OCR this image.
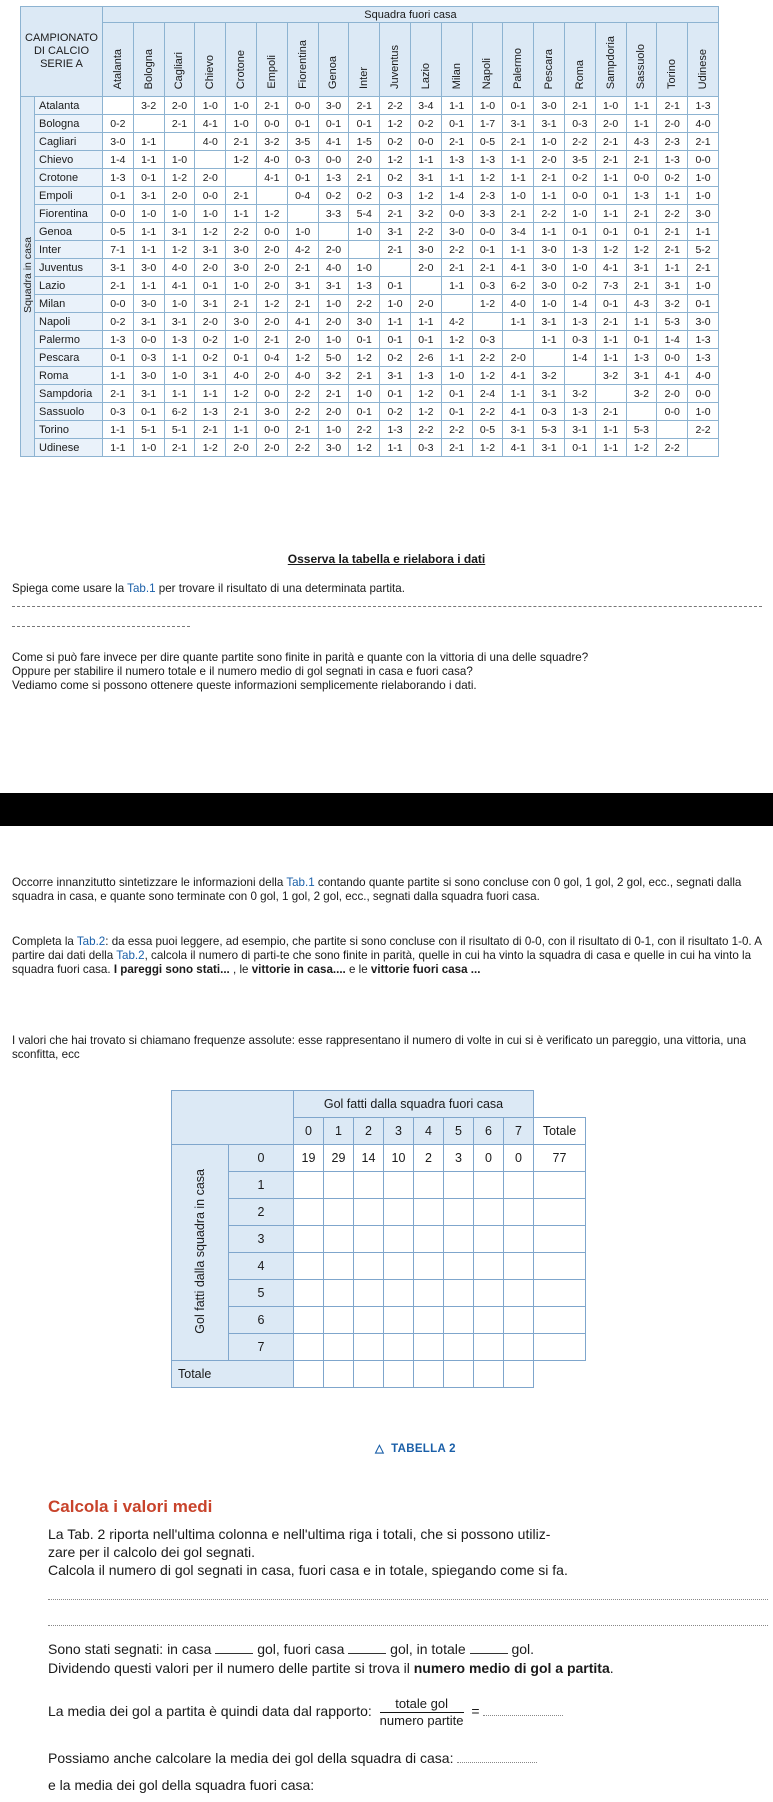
CAMPIONATO
DI CALCIO
SERIE A		Squadra fuori casa																			
		Atalanta	Bologna	Cagliari	Chievo	Crotone	Empoli	Fiorentina	Genoa	Inter	Juventus	Lazio	Milan	Napoli	Palermo	Pescara	Roma	Sampdoria	Sassuolo	Torino	Udinese
Squadra in casa	Atalanta		3-2	2-0	1-0	1-0	2-1	0-0	3-0	2-1	2-2	3-4	1-1	1-0	0-1	3-0	2-1	1-0	1-1	2-1	1-3
	Bologna	0-2		2-1	4-1	1-0	0-0	0-1	0-1	0-1	1-2	0-2	0-1	1-7	3-1	3-1	0-3	2-0	1-1	2-0	4-0
	Cagliari	3-0	1-1		4-0	2-1	3-2	3-5	4-1	1-5	0-2	0-0	2-1	0-5	2-1	1-0	2-2	2-1	4-3	2-3	2-1
	Chievo	1-4	1-1	1-0		1-2	4-0	0-3	0-0	2-0	1-2	1-1	1-3	1-3	1-1	2-0	3-5	2-1	2-1	1-3	0-0
	Crotone	1-3	0-1	1-2	2-0		4-1	0-1	1-3	2-1	0-2	3-1	1-1	1-2	1-1	2-1	0-2	1-1	0-0	0-2	1-0
	Empoli	0-1	3-1	2-0	0-0	2-1		0-4	0-2	0-2	0-3	1-2	1-4	2-3	1-0	1-1	0-0	0-1	1-3	1-1	1-0
	Fiorentina	0-0	1-0	1-0	1-0	1-1	1-2		3-3	5-4	2-1	3-2	0-0	3-3	2-1	2-2	1-0	1-1	2-1	2-2	3-0
	Genoa	0-5	1-1	3-1	1-2	2-2	0-0	1-0		1-0	3-1	2-2	3-0	0-0	3-4	1-1	0-1	0-1	0-1	2-1	1-1
	Inter	7-1	1-1	1-2	3-1	3-0	2-0	4-2	2-0		2-1	3-0	2-2	0-1	1-1	3-0	1-3	1-2	1-2	2-1	5-2
	Juventus	3-1	3-0	4-0	2-0	3-0	2-0	2-1	4-0	1-0		2-0	2-1	2-1	4-1	3-0	1-0	4-1	3-1	1-1	2-1
	Lazio	2-1	1-1	4-1	0-1	1-0	2-0	3-1	3-1	1-3	0-1		1-1	0-3	6-2	3-0	0-2	7-3	2-1	3-1	1-0
	Milan	0-0	3-0	1-0	3-1	2-1	1-2	2-1	1-0	2-2	1-0	2-0		1-2	4-0	1-0	1-4	0-1	4-3	3-2	0-1
	Napoli	0-2	3-1	3-1	2-0	3-0	2-0	4-1	2-0	3-0	1-1	1-1	4-2		1-1	3-1	1-3	2-1	1-1	5-3	3-0
	Palermo	1-3	0-0	1-3	0-2	1-0	2-1	2-0	1-0	0-1	0-1	0-1	1-2	0-3		1-1	0-3	1-1	0-1	1-4	1-3
	Pescara	0-1	0-3	1-1	0-2	0-1	0-4	1-2	5-0	1-2	0-2	2-6	1-1	2-2	2-0		1-4	1-1	1-3	0-0	1-3
	Roma	1-1	3-0	1-0	3-1	4-0	2-0	4-0	3-2	2-1	3-1	1-3	1-0	1-2	4-1	3-2		3-2	3-1	4-1	4-0
	Sampdoria	2-1	3-1	1-1	1-1	1-2	0-0	2-2	2-1	1-0	0-1	1-2	0-1	2-4	1-1	3-1	3-2		3-2	2-0	0-0
	Sassuolo	0-3	0-1	6-2	1-3	2-1	3-0	2-2	2-0	0-1	0-2	1-2	0-1	2-2	4-1	0-3	1-3	2-1		0-0	1-0
	Torino	1-1	5-1	5-1	2-1	1-1	0-0	2-1	1-0	2-2	1-3	2-2	2-2	0-5	3-1	5-3	3-1	1-1	5-3		2-2
	Udinese	1-1	1-0	2-1	1-2	2-0	2-0	2-2	3-0	1-2	1-1	0-3	2-1	1-2	4-1	3-1	0-1	1-1	1-2	2-2	
Osserva la tabella e rielabora i dati
Spiega come usare la Tab.1 per trovare il risultato di una determinata partita.
Come si può fare invece per dire quante partite sono finite in parità e quante con la vittoria di una delle squadre?
Oppure per stabilire il numero totale e il numero medio di gol segnati in casa e fuori casa?
Vediamo come si possono ottenere queste informazioni semplicemente rielaborando i dati.
Occorre innanzitutto sintetizzare le informazioni della Tab.1 contando quante partite si sono concluse con 0 gol, 1 gol, 2 gol, ecc., segnati dalla squadra in casa, e quante sono terminate con 0 gol, 1 gol, 2 gol, ecc., segnati dalla squadra fuori casa.
Completa la Tab.2: da essa puoi leggere, ad esempio, che partite si sono concluse con il risultato di 0-0, con il risultato di 0-1, con il risultato 1-0. A partire dai dati della Tab.2, calcola il numero di parti-te che sono finite in parità, quelle in cui ha vinto la squadra di casa e quelle in cui ha vinto la squadra fuori casa. I pareggi sono stati... , le vittorie in casa.... e le vittorie fuori casa ...
I valori che hai trovato si chiamano frequenze assolute: esse rappresentano il numero di volte in cui si è verificato un pareggio, una vittoria, una sconfitta, ecc
		Gol fatti dalla squadra fuori casa								
		0	1	2	3	4	5	6	7	Totale
Gol fatti dalla squadra in casa	0	19	29	14	10	2	3	0	0	77
	1									
	2									
	3									
	4									
	5									
	6									
	7									
Totale										
△ TABELLA 2
Calcola i valori medi
La Tab. 2 riporta nell'ultima colonna e nell'ultima riga i totali, che si possono utiliz-
zare per il calcolo dei gol segnati.
Calcola il numero di gol segnati in casa, fuori casa e in totale, spiegando come si fa.
Sono stati segnati: in casa	gol, fuori casa	gol, in totale	gol.
Dividendo questi valori per il numero delle partite si trova il numero medio di gol a partita.
La media dei gol a partita è quindi data dal rapporto: $\frac{\text{totale gol}}{\text{numero partite}}$ =
Possiamo anche calcolare la media dei gol della squadra di casa:
e la media dei gol della squadra fuori casa:
